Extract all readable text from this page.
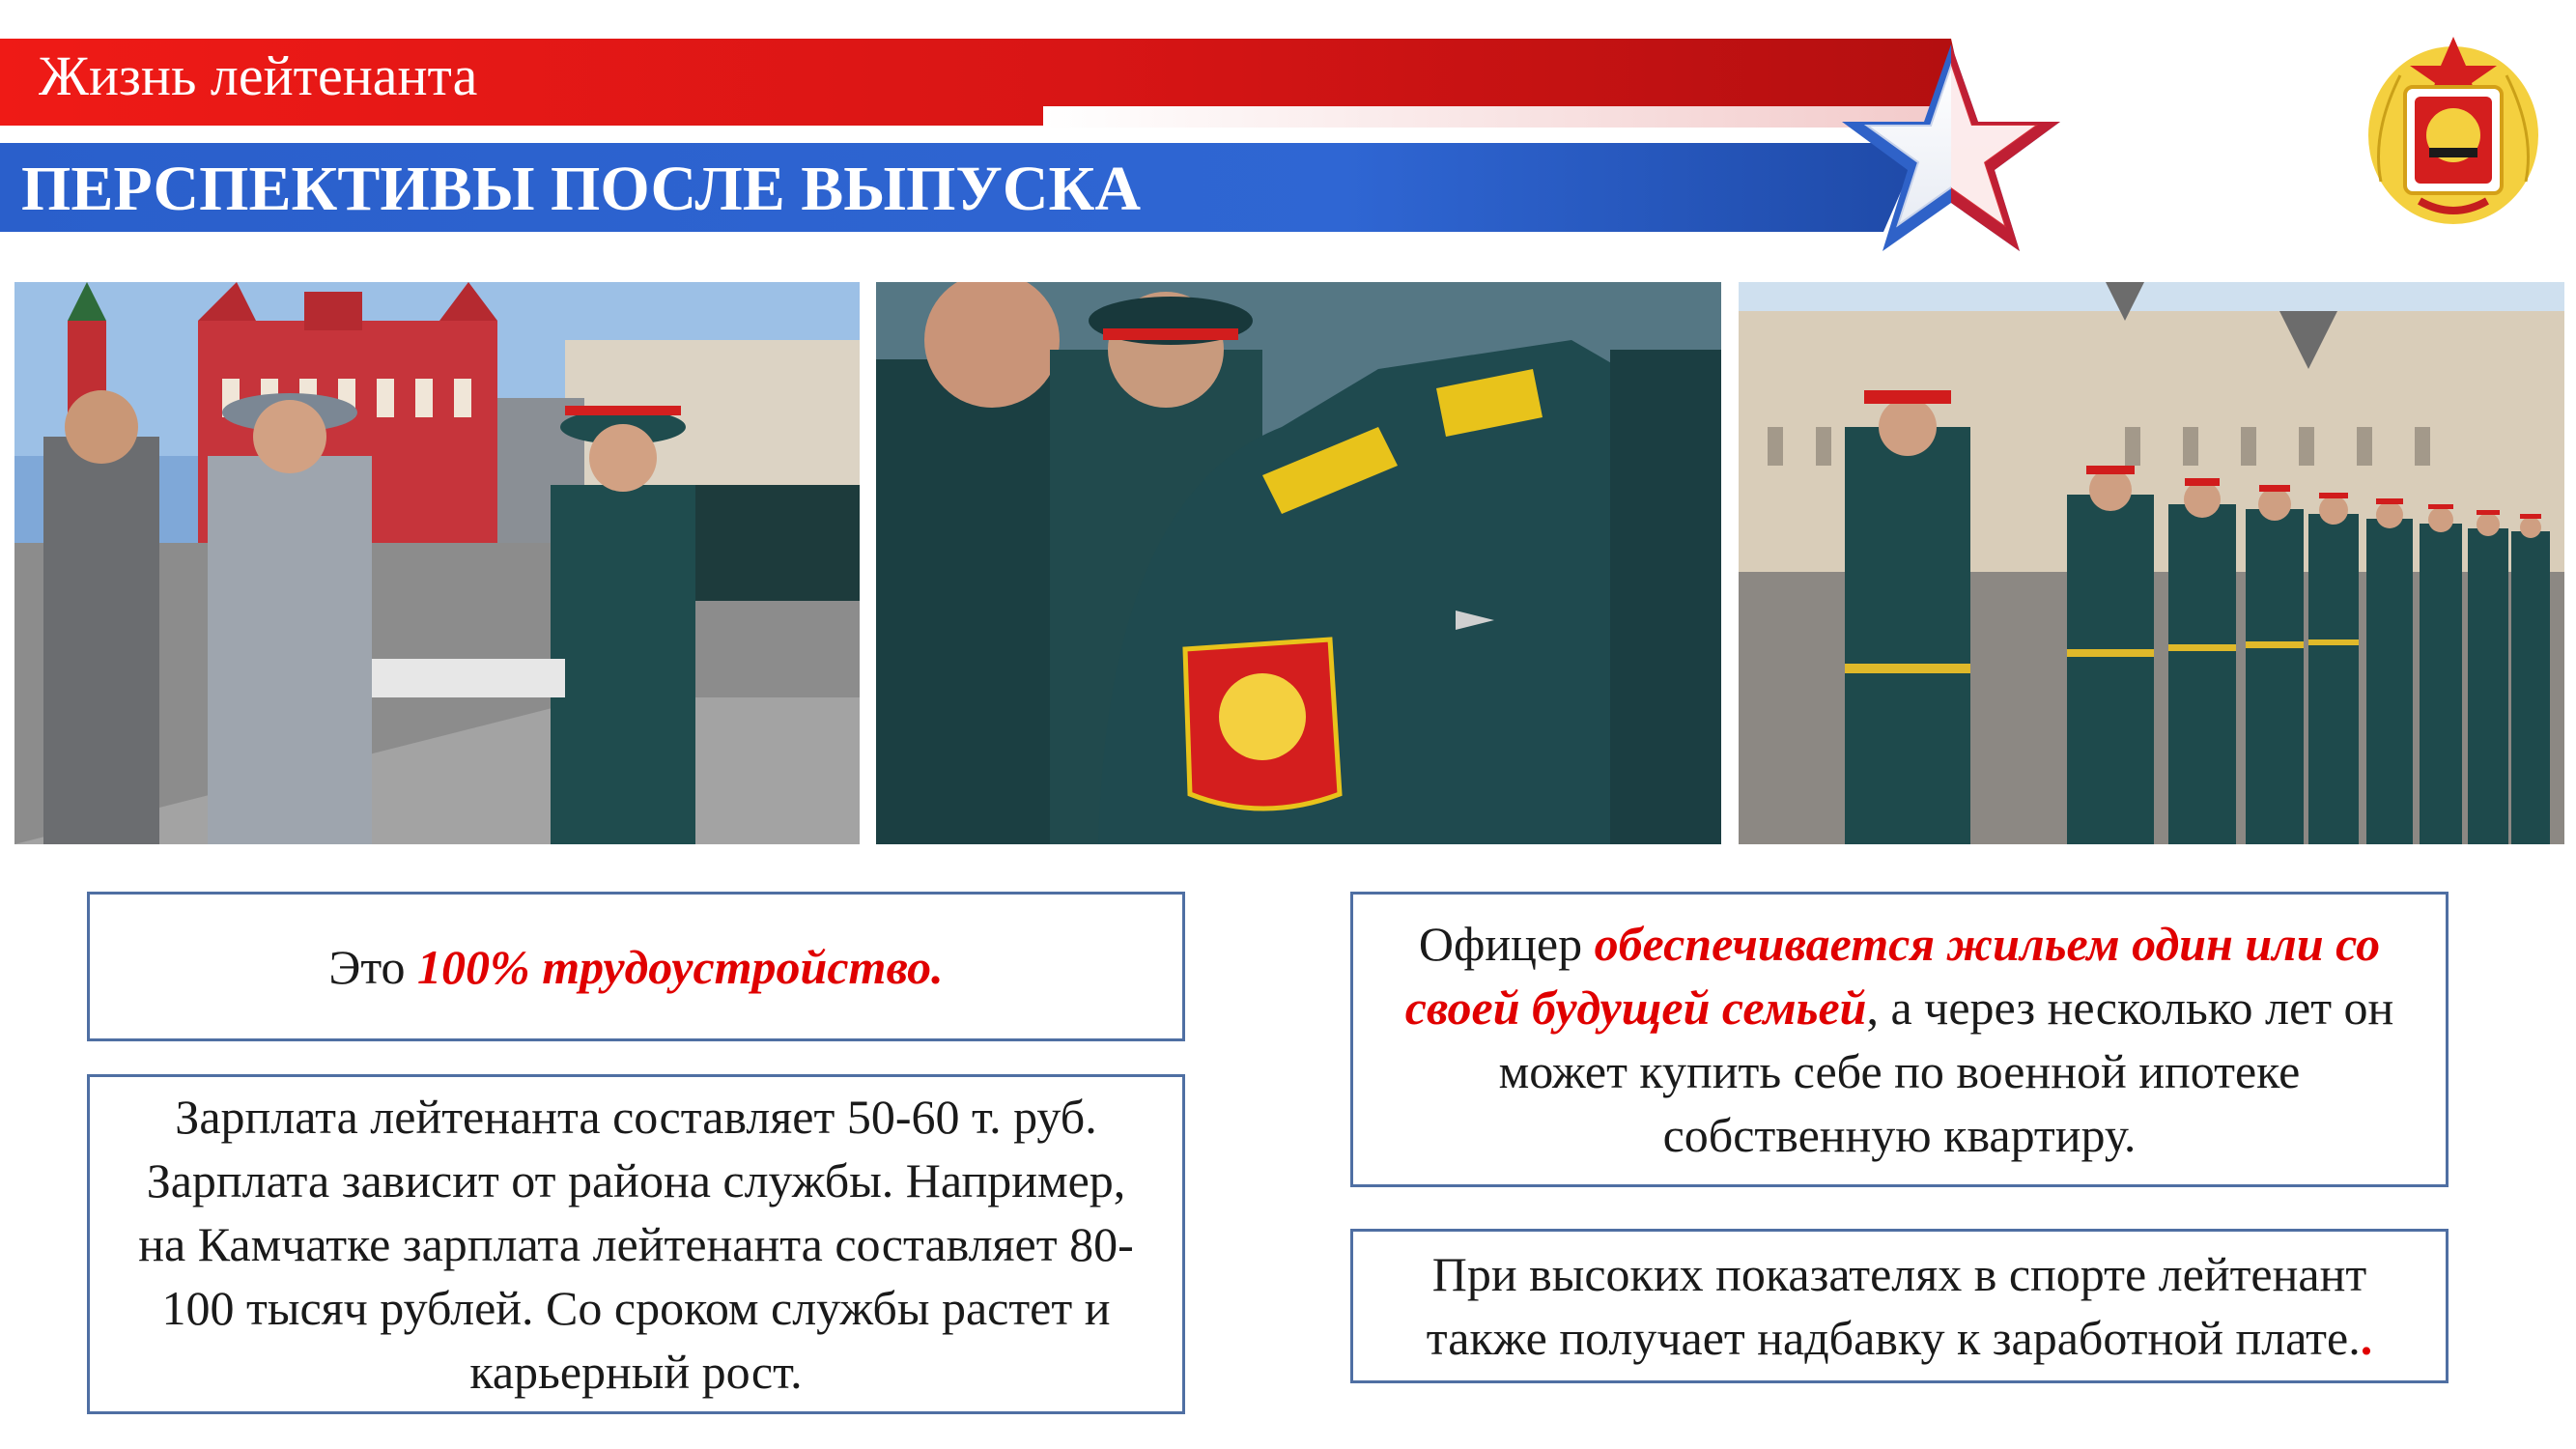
Жизнь лейтенанта
ПЕРСПЕКТИВЫ ПОСЛЕ ВЫПУСКА
Это 100% трудоустройство.
Зарплата лейтенанта составляет 50-60 т. руб. Зарплата зависит от района службы. Например, на Камчатке зарплата лейтенанта составляет 80-100 тысяч рублей. Со сроком службы растет и карьерный рост.
Офицер обеспечивается жильем один или со своей будущей семьей, а через несколько лет он может купить себе по военной ипотеке собственную квартиру.
При высоких показателях в спорте лейтенант также получает надбавку к заработной плате..
